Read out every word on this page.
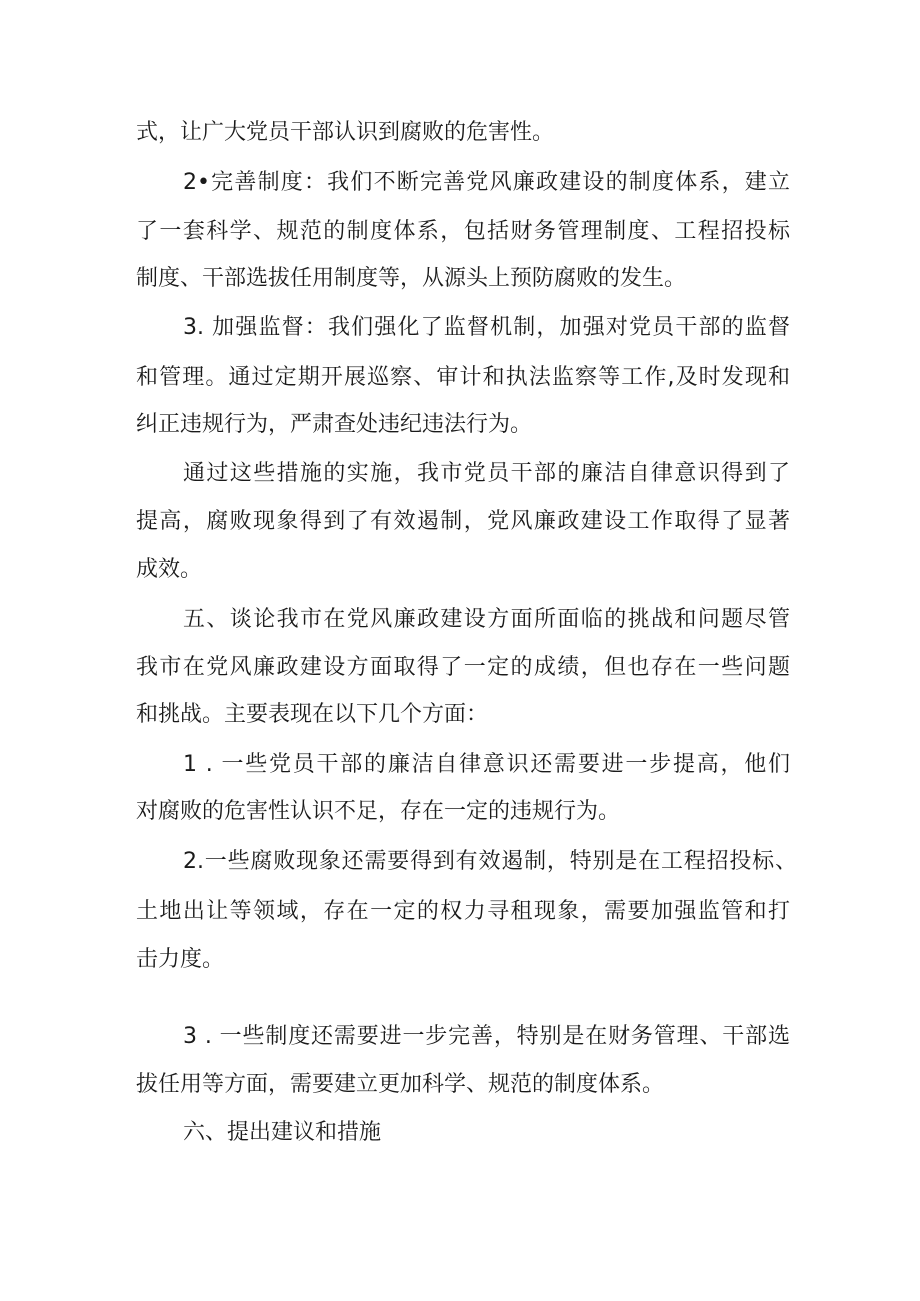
式，让广大党员干部认识到腐败的危害性。
2•完善制度：我们不断完善党风廉政建设的制度体系，建立
了一套科学、规范的制度体系，包括财务管理制度、工程招投标
制度、干部选拔任用制度等，从源头上预防腐败的发生。
3. 加强监督：我们强化了监督机制，加强对党员干部的监督
和管理。通过定期开展巡察、审计和执法监察等工作,及时发现和
纠正违规行为，严肃查处违纪违法行为。
通过这些措施的实施，我市党员干部的廉洁自律意识得到了
提高，腐败现象得到了有效遏制，党风廉政建设工作取得了显著
成效。
五、谈论我市在党风廉政建设方面所面临的挑战和问题尽管
我市在党风廉政建设方面取得了一定的成绩，但也存在一些问题
和挑战。主要表现在以下几个方面：
1 . 一些党员干部的廉洁自律意识还需要进一步提高，他们
对腐败的危害性认识不足，存在一定的违规行为。
2.一些腐败现象还需要得到有效遏制，特别是在工程招投标、
土地出让等领域，存在一定的权力寻租现象，需要加强监管和打
击力度。
3 . 一些制度还需要进一步完善，特别是在财务管理、干部选
拔任用等方面，需要建立更加科学、规范的制度体系。
六、提出建议和措施
